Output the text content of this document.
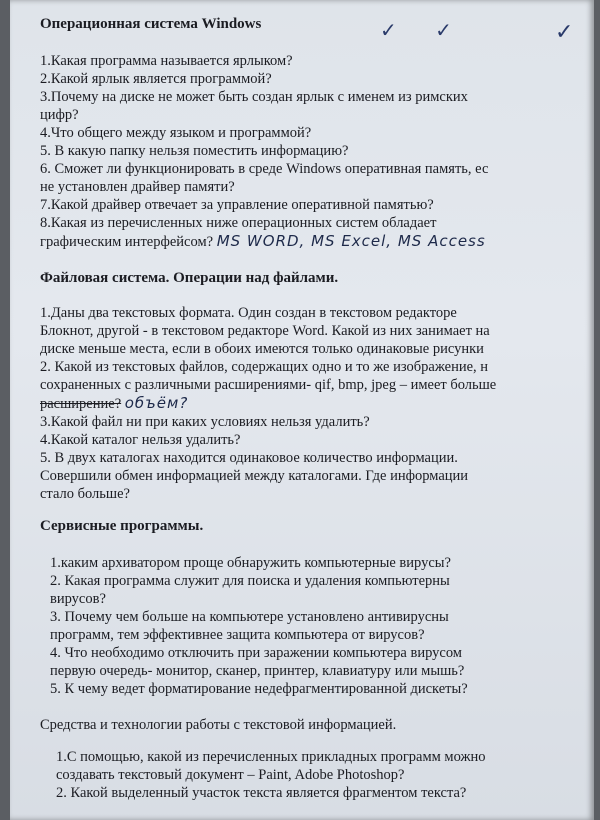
✓ ✓	✓
Операционная система Windows

1.Какая программа называется ярлыком?

2.Какой ярлык является программой?

3.Почему на диске не может быть создан ярлык с именем из римских

цифр?

4.Что общего между языком и программой?

5. В какую папку нельзя поместить информацию?

6. Сможет ли функционировать в среде Windows оперативная память, ес

не установлен драйвер памяти?

7.Какой драйвер отвечает за управление оперативной памятью?

8.Какая из перечисленных ниже операционных систем обладает

графическим интерфейсом? MS WORD, MS Excel, MS Access

Файловая система. Операции над файлами.

1.Даны два текстовых формата. Один создан в текстовом редакторе

Блокнот, другой - в текстовом редакторе Word. Какой из них занимает на

диске меньше места, если в обоих имеются только одинаковые рисунки

2. Какой из текстовых файлов, содержащих одно и то же изображение, н

сохраненных с различными расширениями- qif, bmp, jpeg – имеет больше

расширение? объём?

3.Какой файл ни при каких условиях нельзя удалить?

4.Какой каталог нельзя удалить?

5. В двух каталогах находится одинаковое количество информации.

Совершили обмен информацией между каталогами. Где информации

стало больше?

Сервисные программы.

1.каким архиватором проще обнаружить компьютерные вирусы?

2. Какая программа служит для поиска и удаления компьютерны

вирусов?

3. Почему чем больше на компьютере установлено антивирусны

программ, тем эффективнее защита компьютера от вирусов?

4. Что необходимо отключить при заражении компьютера вирусом

первую очередь- монитор, сканер, принтер, клавиатуру или мышь?

5. К чему ведет форматирование недефрагментированной дискеты?

Средства и технологии работы с текстовой информацией.

1.С помощью, какой из перечисленных прикладных программ можно

создавать текстовый документ – Paint, Adobe Photoshop?

2. Какой выделенный участок текста является фрагментом текста?
